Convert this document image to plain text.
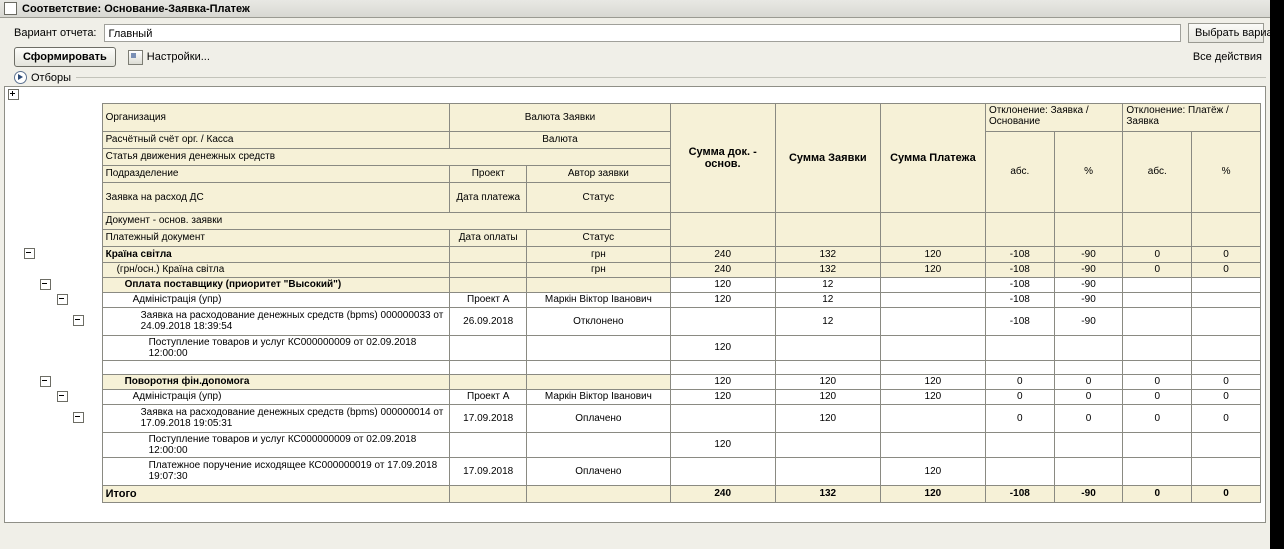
Соответствие: Основание-Заявка-Платеж
Вариант отчета:	Главный	Выбрать вариант
Сформировать	Настройки...	Все действия
Отборы

						Организация	Валюта Заявки		Сумма док. - основ.	Сумма Заявки	Сумма Платежа	Отклонение: Заявка / Основание		Отклонение: Платёж / Заявка	
						Расчётный счёт орг. / Касса	Валюта					абс.	%	абс.	%
						Статья движения денежных средств									
						Подразделение	Проект	Автор заявки							
						Заявка на расход ДС	Дата платежа	Статус							
						Документ - основ. заявки									
						Платежный документ	Дата оплаты	Статус							
						Країна світла		грн	240	132	120	-108	-90	0	0
						(грн/осн.) Країна світла		грн	240	132	120	-108	-90	0	0
						Оплата поставщику (приоритет "Высокий")			120	12		-108	-90		
						Адміністрація (упр)	Проект А	Маркін Віктор Іванович	120	12		-108	-90		
						Заявка на расходование денежных средств (bpms) 000000033 от 24.09.2018 18:39:54	26.09.2018	Отклонено		12		-108	-90		
						Поступление товаров и услуг КС000000009 от 02.09.2018 12:00:00			120						

						Поворотня фін.допомога			120	120	120	0	0	0	0
						Адміністрація (упр)	Проект А	Маркін Віктор Іванович	120	120	120	0	0	0	0
						Заявка на расходование денежных средств (bpms) 000000014 от 17.09.2018 19:05:31	17.09.2018	Оплачено		120		0	0	0	0
						Поступление товаров и услуг КС000000009 от 02.09.2018 12:00:00			120						
						Платежное поручение исходящее КС000000019 от 17.09.2018 19:07:30	17.09.2018	Оплачено			120				
						Итого			240	132	120	-108	-90	0	0
